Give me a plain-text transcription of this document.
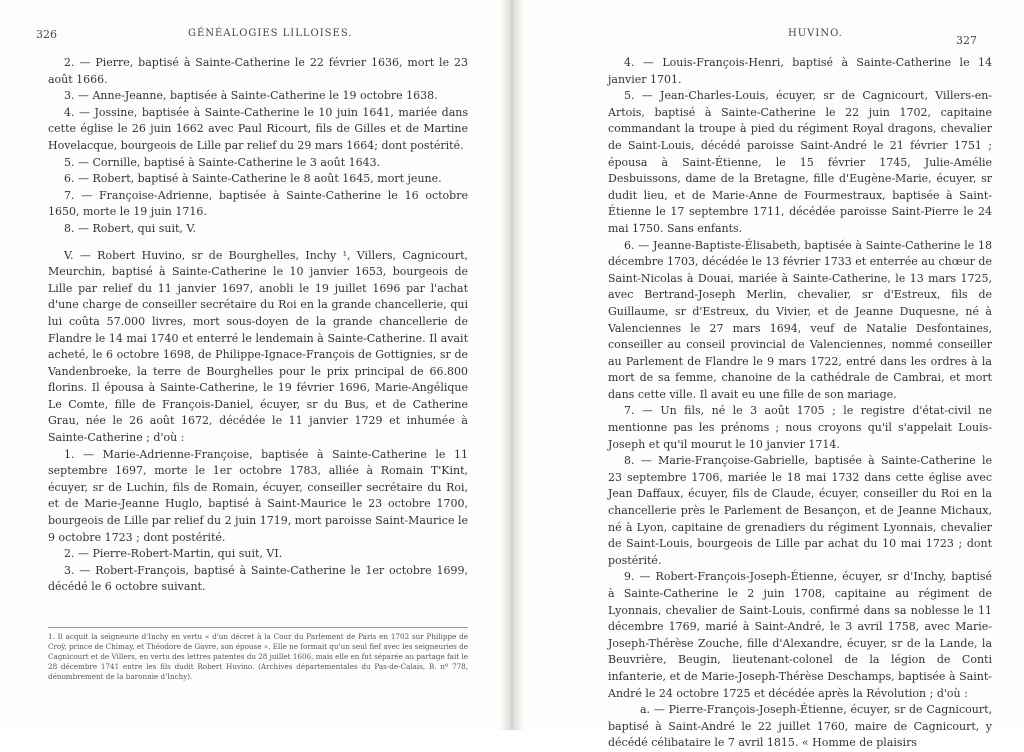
326	GÉNÉALOGIES LILLOISES.

2. — Pierre, baptisé à Sainte-Catherine le 22 février 1636, mort le 23 août 1666.

3. — Anne-Jeanne, baptisée à Sainte-Catherine le 19 octobre 1638.

4. — Jossine, baptisée à Sainte-Catherine le 10 juin 1641, mariée dans cette église le 26 juin 1662 avec Paul Ricourt, fils de Gilles et de Martine Hovelacque, bourgeois de Lille par relief du 29 mars 1664; dont postérité.

5. — Cornille, baptisé à Sainte-Catherine le 3 août 1643.

6. — Robert, baptisé à Sainte-Catherine le 8 août 1645, mort jeune.

7. — Françoise-Adrienne, baptisée à Sainte-Catherine le 16 octobre 1650, morte le 19 juin 1716.

8. — Robert, qui suit, V.

V. — Robert Huvino, sr de Bourghelles, Inchy ¹, Villers, Cagnicourt, Meurchin, baptisé à Sainte-Catherine le 10 janvier 1653, bourgeois de Lille par relief du 11 janvier 1697, anobli le 19 juillet 1696 par l'achat d'une charge de conseiller secrétaire du Roi en la grande chancellerie, qui lui coûta 57.000 livres, mort sous-doyen de la grande chancellerie de Flandre le 14 mai 1740 et enterré le lendemain à Sainte-Catherine. Il avait acheté, le 6 octobre 1698, de Philippe-Ignace-François de Gottignies, sr de Vandenbroeke, la terre de Bourghelles pour le prix principal de 66.800 florins. Il épousa à Sainte-Catherine, le 19 février 1696, Marie-Angélique Le Comte, fille de François-Daniel, écuyer, sr du Bus, et de Catherine Grau, née le 26 août 1672, décédée le 11 janvier 1729 et inhumée à Sainte-Catherine ; d'où :

1. — Marie-Adrienne-Françoise, baptisée à Sainte-Catherine le 11 septembre 1697, morte le 1er octobre 1783, alliée à Romain T'Kint, écuyer, sr de Luchin, fils de Romain, écuyer, conseiller secrétaire du Roi, et de Marie-Jeanne Huglo, baptisé à Saint-Maurice le 23 octobre 1700, bourgeois de Lille par relief du 2 juin 1719, mort paroisse Saint-Maurice le 9 octobre 1723 ; dont postérité.

2. — Pierre-Robert-Martin, qui suit, VI.

3. — Robert-François, baptisé à Sainte-Catherine le 1er octobre 1699, décédé le 6 octobre suivant.

1. Il acquit la seigneurie d'Inchy en vertu « d'un décret à la Cour du Parlement de Paris en 1702 sur Philippe de Croÿ, prince de Chimay, et Théodore de Gavre, son épouse ». Elle ne formait qu'un seul fief avec les seigneuries de Cagnicourt et de Villers, en vertu des lettres patentes du 28 juillet 1606, mais elle en fut séparée au partage fait le 28 décembre 1741 entre les fils dudit Robert Huvino. (Archives départementales du Pas-de-Calais, B. nº 778, dénombrement de la baronnie d'Inchy).
HUVINO.
327

4. — Louis-François-Henri, baptisé à Sainte-Catherine le 14 janvier 1701.

5. — Jean-Charles-Louis, écuyer, sr de Cagnicourt, Villers-en-Artois, baptisé à Sainte-Catherine le 22 juin 1702, capitaine commandant la troupe à pied du régiment Royal dragons, chevalier de Saint-Louis, décédé paroisse Saint-André le 21 février 1751 ; épousa à Saint-Étienne, le 15 février 1745, Julie-Amélie Desbuissons, dame de la Bretagne, fille d'Eugène-Marie, écuyer, sr dudit lieu, et de Marie-Anne de Fourmestraux, baptisée à Saint-Étienne le 17 septembre 1711, décédée paroisse Saint-Pierre le 24 mai 1750. Sans enfants.

6. — Jeanne-Baptiste-Élisabeth, baptisée à Sainte-Catherine le 18 décembre 1703, décédée le 13 février 1733 et enterrée au chœur de Saint-Nicolas à Douai, mariée à Sainte-Catherine, le 13 mars 1725, avec Bertrand-Joseph Merlin, chevalier, sr d'Estreux, fils de Guillaume, sr d'Estreux, du Vivier, et de Jeanne Duquesne, né à Valenciennes le 27 mars 1694, veuf de Natalie Desfontaines, conseiller au conseil provincial de Valenciennes, nommé conseiller au Parlement de Flandre le 9 mars 1722, entré dans les ordres à la mort de sa femme, chanoine de la cathédrale de Cambrai, et mort dans cette ville. Il avait eu une fille de son mariage.

7. — Un fils, né le 3 août 1705 ; le registre d'état-civil ne mentionne pas les prénoms ; nous croyons qu'il s'appelait Louis-Joseph et qu'il mourut le 10 janvier 1714.

8. — Marie-Françoise-Gabrielle, baptisée à Sainte-Catherine le 23 septembre 1706, mariée le 18 mai 1732 dans cette église avec Jean Daffaux, écuyer, fils de Claude, écuyer, conseiller du Roi en la chancellerie près le Parlement de Besançon, et de Jeanne Michaux, né à Lyon, capitaine de grenadiers du régiment Lyonnais, chevalier de Saint-Louis, bourgeois de Lille par achat du 10 mai 1723 ; dont postérité.

9. — Robert-François-Joseph-Étienne, écuyer, sr d'Inchy, baptisé à Sainte-Catherine le 2 juin 1708, capitaine au régiment de Lyonnais, chevalier de Saint-Louis, confirmé dans sa noblesse le 11 décembre 1769, marié à Saint-André, le 3 avril 1758, avec Marie-Joseph-Thérèse Zouche, fille d'Alexandre, écuyer, sr de la Lande, la Beuvrière, Beugin, lieutenant-colonel de la légion de Conti infanterie, et de Marie-Joseph-Thérèse Deschamps, baptisée à Saint-André le 24 octobre 1725 et décédée après la Révolution ; d'où :

a. — Pierre-François-Joseph-Étienne, écuyer, sr de Cagnicourt, baptisé à Saint-André le 22 juillet 1760, maire de Cagnicourt, y décédé célibataire le 7 avril 1815. « Homme de plaisirs
